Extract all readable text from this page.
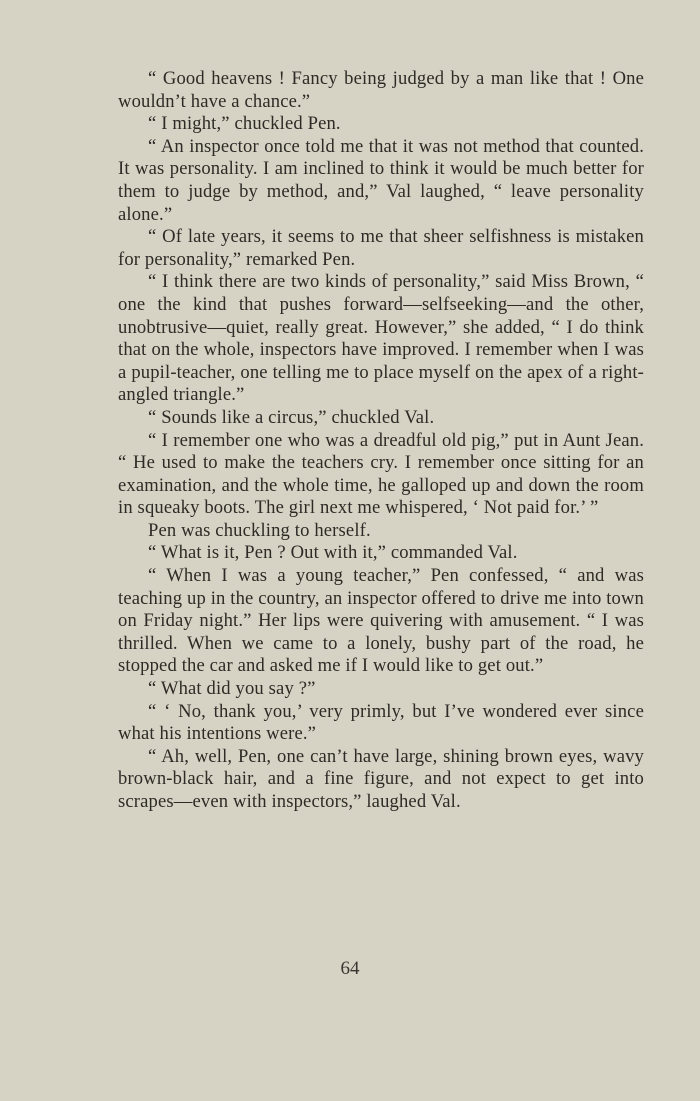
“ Good heavens ! Fancy being judged by a man like that ! One wouldn’t have a chance.”

“ I might,” chuckled Pen.

“ An inspector once told me that it was not method that counted. It was personality. I am inclined to think it would be much better for them to judge by method, and,” Val laughed, “ leave personality alone.”

“ Of late years, it seems to me that sheer selfishness is mistaken for personality,” remarked Pen.

“ I think there are two kinds of personality,” said Miss Brown, “ one the kind that pushes forward—selfseeking—and the other, unobtrusive—quiet, really great. However,” she added, “ I do think that on the whole, inspectors have improved. I remember when I was a pupil-teacher, one telling me to place myself on the apex of a right-angled triangle.”

“ Sounds like a circus,” chuckled Val.

“ I remember one who was a dreadful old pig,” put in Aunt Jean. “ He used to make the teachers cry. I remember once sitting for an examination, and the whole time, he galloped up and down the room in squeaky boots. The girl next me whispered, ‘ Not paid for.’ ”

Pen was chuckling to herself.

“ What is it, Pen ? Out with it,” commanded Val.

“ When I was a young teacher,” Pen confessed, “ and was teaching up in the country, an inspector offered to drive me into town on Friday night.” Her lips were quivering with amusement. “ I was thrilled. When we came to a lonely, bushy part of the road, he stopped the car and asked me if I would like to get out.”

“ What did you say ?”

“ ‘ No, thank you,’ very primly, but I’ve wondered ever since what his intentions were.”

“ Ah, well, Pen, one can’t have large, shining brown eyes, wavy brown-black hair, and a fine figure, and not expect to get into scrapes—even with inspectors,” laughed Val.

64
